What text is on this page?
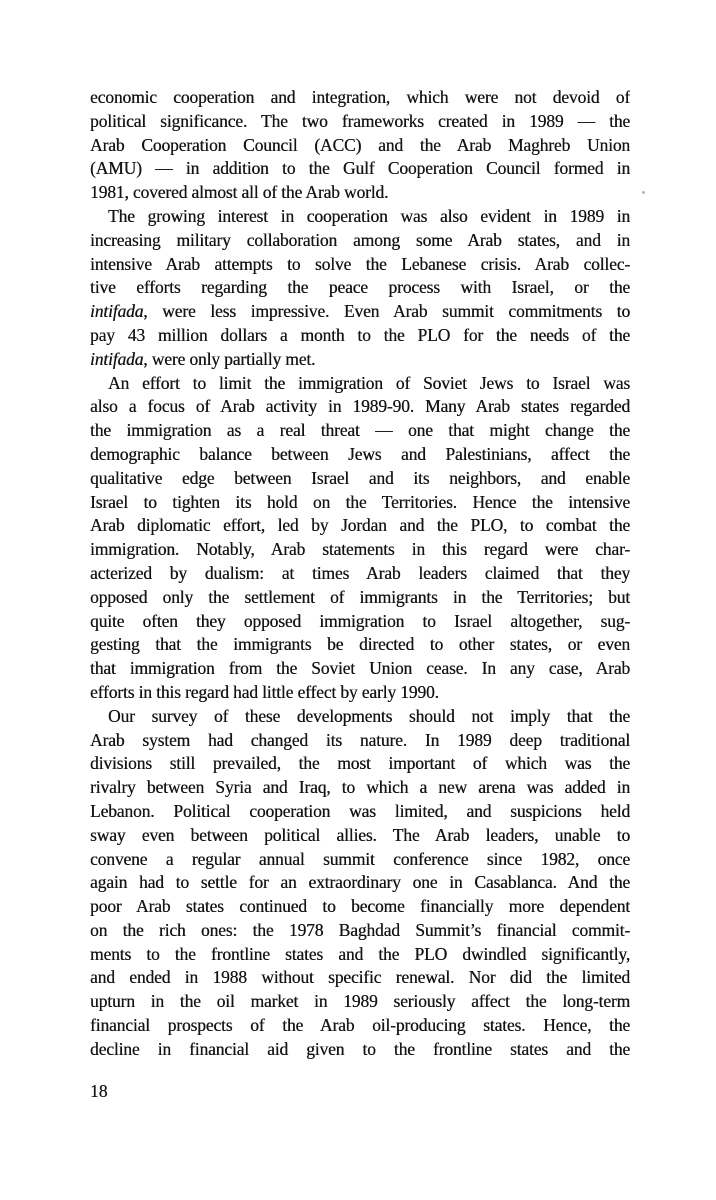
economic cooperation and integration, which were not devoid of
political significance. The two frameworks created in 1989 — the
Arab Cooperation Council (ACC) and the Arab Maghreb Union
(AMU) — in addition to the Gulf Cooperation Council formed in
1981, covered almost all of the Arab world.
The growing interest in cooperation was also evident in 1989 in
increasing military collaboration among some Arab states, and in
intensive Arab attempts to solve the Lebanese crisis. Arab collec-
tive efforts regarding the peace process with Israel, or the
intifada, were less impressive. Even Arab summit commitments to
pay 43 million dollars a month to the PLO for the needs of the
intifada, were only partially met.
An effort to limit the immigration of Soviet Jews to Israel was
also a focus of Arab activity in 1989-90. Many Arab states regarded
the immigration as a real threat — one that might change the
demographic balance between Jews and Palestinians, affect the
qualitative edge between Israel and its neighbors, and enable
Israel to tighten its hold on the Territories. Hence the intensive
Arab diplomatic effort, led by Jordan and the PLO, to combat the
immigration. Notably, Arab statements in this regard were char-
acterized by dualism: at times Arab leaders claimed that they
opposed only the settlement of immigrants in the Territories; but
quite often they opposed immigration to Israel altogether, sug-
gesting that the immigrants be directed to other states, or even
that immigration from the Soviet Union cease. In any case, Arab
efforts in this regard had little effect by early 1990.
Our survey of these developments should not imply that the
Arab system had changed its nature. In 1989 deep traditional
divisions still prevailed, the most important of which was the
rivalry between Syria and Iraq, to which a new arena was added in
Lebanon. Political cooperation was limited, and suspicions held
sway even between political allies. The Arab leaders, unable to
convene a regular annual summit conference since 1982, once
again had to settle for an extraordinary one in Casablanca. And the
poor Arab states continued to become financially more dependent
on the rich ones: the 1978 Baghdad Summit’s financial commit-
ments to the frontline states and the PLO dwindled significantly,
and ended in 1988 without specific renewal. Nor did the limited
upturn in the oil market in 1989 seriously affect the long-term
financial prospects of the Arab oil-producing states. Hence, the
decline in financial aid given to the frontline states and the
18
